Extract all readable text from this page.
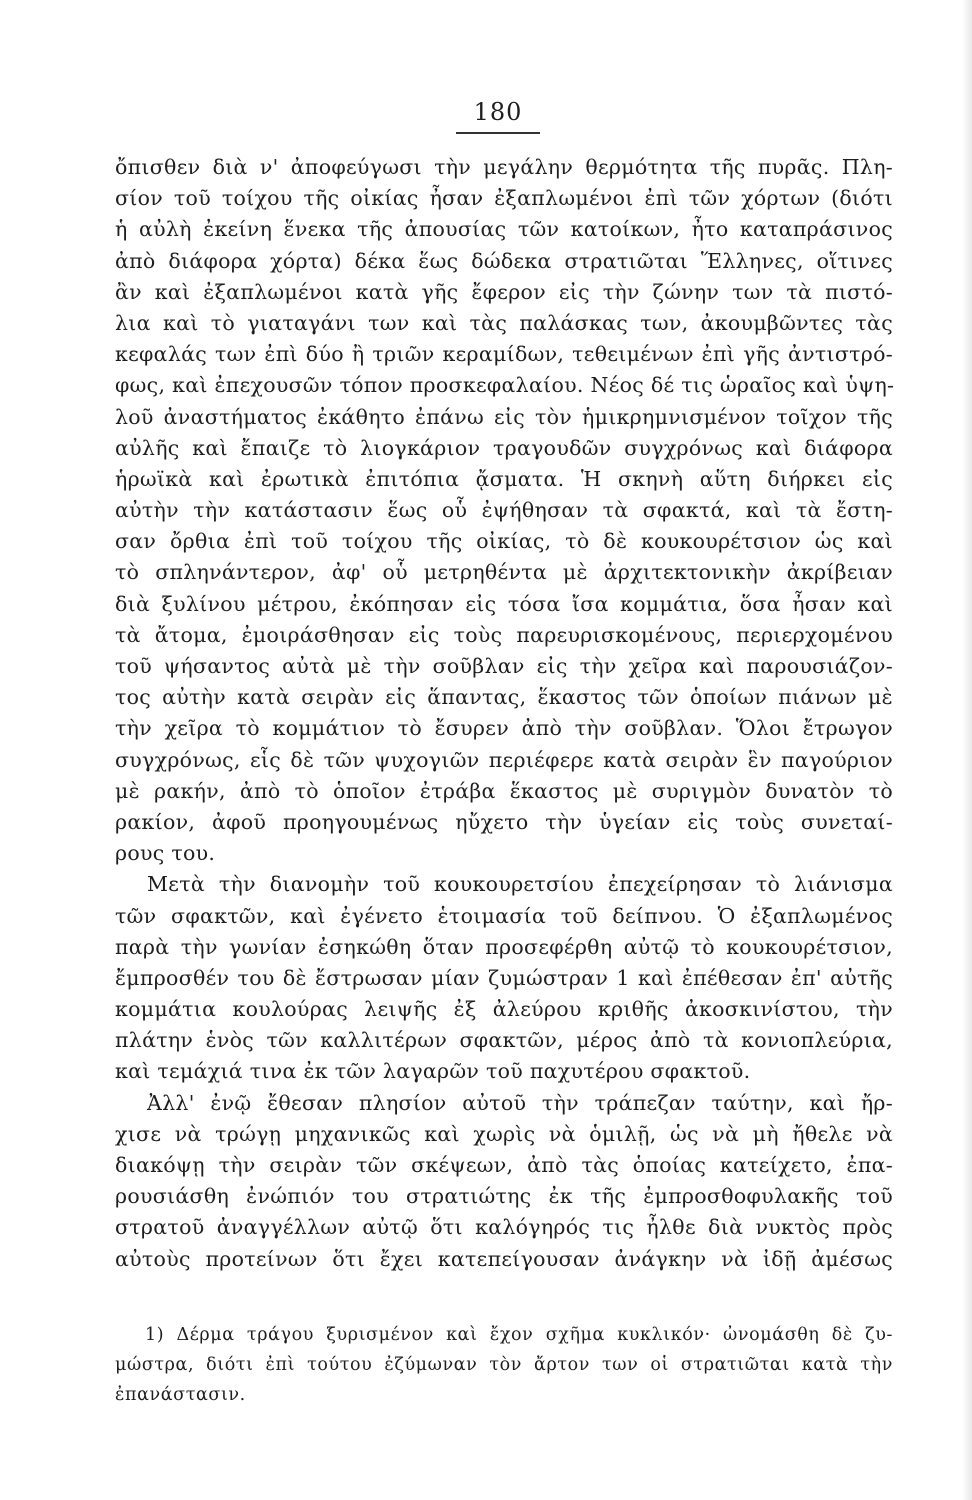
180
ὄπισθεν διὰ ν' ἀποφεύγωσι τὴν μεγάλην θερμότητα τῆς πυρᾶς. Πλη-
σίον τοῦ τοίχου τῆς οἰκίας ἦσαν ἐξαπλωμένοι ἐπὶ τῶν χόρτων (διότι
ἡ αὐλὴ ἐκείνη ἕνεκα τῆς ἀπουσίας τῶν κατοίκων, ἦτο καταπράσινος
ἀπὸ διάφορα χόρτα) δέκα ἕως δώδεκα στρατιῶται Ἕλληνες, οἵτινες
ἂν καὶ ἐξαπλωμένοι κατὰ γῆς ἔφερον εἰς τὴν ζώνην των τὰ πιστό-
λια καὶ τὸ γιαταγάνι των καὶ τὰς παλάσκας των, ἀκουμβῶντες τὰς
κεφαλάς των ἐπὶ δύο ἢ τριῶν κεραμίδων, τεθειμένων ἐπὶ γῆς ἀντιστρό-
φως, καὶ ἐπεχουσῶν τόπον προσκεφαλαίου. Νέος δέ τις ὡραῖος καὶ ὑψη-
λοῦ ἀναστήματος ἐκάθητο ἐπάνω εἰς τὸν ἡμικρημνισμένον τοῖχον τῆς
αὐλῆς καὶ ἔπαιζε τὸ λιογκάριον τραγουδῶν συγχρόνως καὶ διάφορα
ἡρωϊκὰ καὶ ἐρωτικὰ ἐπιτόπια ᾄσματα. Ἡ σκηνὴ αὕτη διήρκει εἰς
αὐτὴν τὴν κατάστασιν ἕως οὗ ἐψήθησαν τὰ σφακτά, καὶ τὰ ἔστη-
σαν ὄρθια ἐπὶ τοῦ τοίχου τῆς οἰκίας, τὸ δὲ κουκουρέτσιον ὡς καὶ
τὸ σπληνάντερον, ἀφ' οὗ μετρηθέντα μὲ ἀρχιτεκτονικὴν ἀκρίβειαν
διὰ ξυλίνου μέτρου, ἐκόπησαν εἰς τόσα ἴσα κομμάτια, ὅσα ἦσαν καὶ
τὰ ἄτομα, ἐμοιράσθησαν εἰς τοὺς παρευρισκομένους, περιερχομένου
τοῦ ψήσαντος αὐτὰ μὲ τὴν σοῦβλαν εἰς τὴν χεῖρα καὶ παρουσιάζον-
τος αὐτὴν κατὰ σειρὰν εἰς ἅπαντας, ἕκαστος τῶν ὁποίων πιάνων μὲ
τὴν χεῖρα τὸ κομμάτιον τὸ ἔσυρεν ἀπὸ τὴν σοῦβλαν. Ὅλοι ἔτρωγον
συγχρόνως, εἷς δὲ τῶν ψυχογιῶν περιέφερε κατὰ σειρὰν ἓν παγούριον
μὲ ρακήν, ἀπὸ τὸ ὁποῖον ἐτράβα ἕκαστος μὲ συριγμὸν δυνατὸν τὸ
ρακίον, ἀφοῦ προηγουμένως ηὔχετο τὴν ὑγείαν εἰς τοὺς συνεταί-
ρους του.
Μετὰ τὴν διανομὴν τοῦ κουκουρετσίου ἐπεχείρησαν τὸ λιάνισμα
τῶν σφακτῶν, καὶ ἐγένετο ἑτοιμασία τοῦ δείπνου. Ὁ ἐξαπλωμένος
παρὰ τὴν γωνίαν ἐσηκώθη ὅταν προσεφέρθη αὐτῷ τὸ κουκουρέτσιον,
ἔμπροσθέν του δὲ ἔστρωσαν μίαν ζυμώστραν 1 καὶ ἐπέθεσαν ἐπ' αὐτῆς
κομμάτια κουλούρας λειψῆς ἐξ ἀλεύρου κριθῆς ἀκοσκινίστου, τὴν
πλάτην ἑνὸς τῶν καλλιτέρων σφακτῶν, μέρος ἀπὸ τὰ κονιοπλεύρια,
καὶ τεμάχιά τινα ἐκ τῶν λαγαρῶν τοῦ παχυτέρου σφακτοῦ.
Ἀλλ' ἐνῷ ἔθεσαν πλησίον αὐτοῦ τὴν τράπεζαν ταύτην, καὶ ἤρ-
χισε νὰ τρώγῃ μηχανικῶς καὶ χωρὶς νὰ ὁμιλῇ, ὡς νὰ μὴ ἤθελε νὰ
διακόψῃ τὴν σειρὰν τῶν σκέψεων, ἀπὸ τὰς ὁποίας κατείχετο, ἐπα-
ρουσιάσθη ἐνώπιόν του στρατιώτης ἐκ τῆς ἐμπροσθοφυλακῆς τοῦ
στρατοῦ ἀναγγέλλων αὐτῷ ὅτι καλόγηρός τις ἦλθε διὰ νυκτὸς πρὸς
αὐτοὺς προτείνων ὅτι ἔχει κατεπείγουσαν ἀνάγκην νὰ ἰδῇ ἀμέσως
1) Δέρμα τράγου ξυρισμένον καὶ ἔχον σχῆμα κυκλικόν· ὠνομάσθη δὲ ζυ-
μώστρα, διότι ἐπὶ τούτου ἐζύμωναν τὸν ἄρτον των οἱ στρατιῶται κατὰ τὴν
ἐπανάστασιν.
